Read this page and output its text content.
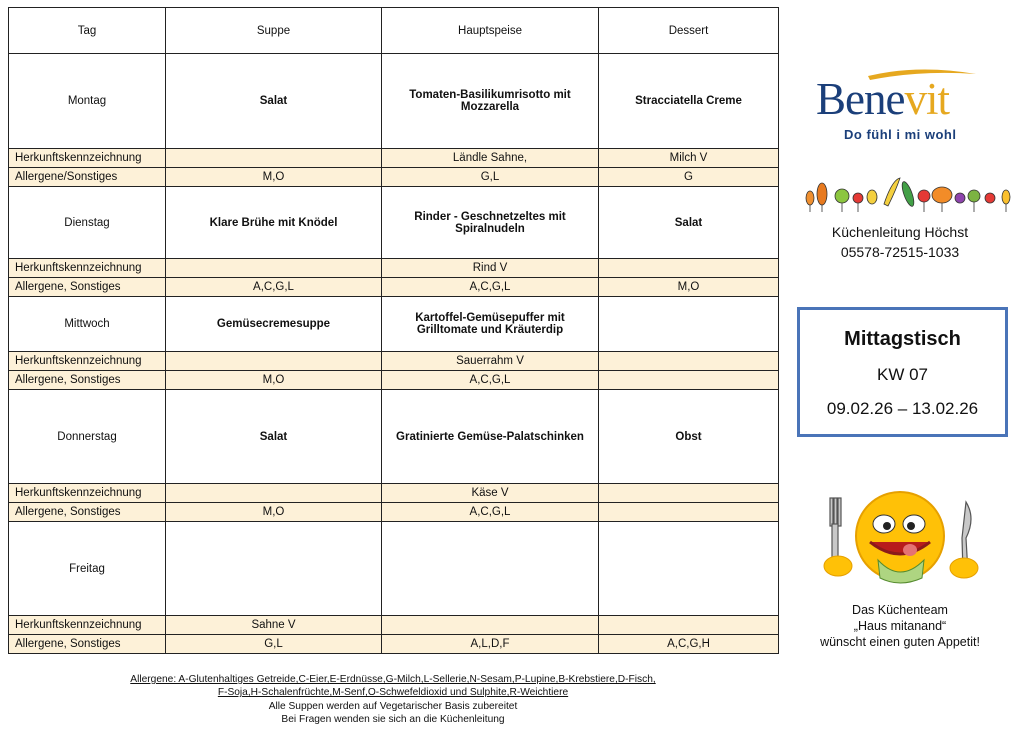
Tag	Suppe	Hauptspeise	Dessert
Montag	Salat	Tomaten-Basilikumrisotto mit Mozzarella	Stracciatella Creme
Herkunftskennzeichnung		Ländle Sahne,	Milch V
Allergene/Sonstiges	M,O	G,L	G
Dienstag	Klare Brühe mit Knödel	Rinder - Geschnetzeltes mit Spiralnudeln	Salat
Herkunftskennzeichnung		Rind V	
Allergene, Sonstiges	A,C,G,L	A,C,G,L	M,O
Mittwoch	Gemüsecremesuppe	Kartoffel-Gemüsepuffer mit Grilltomate und Kräuterdip	
Herkunftskennzeichnung		Sauerrahm V	
Allergene, Sonstiges	M,O	A,C,G,L	
Donnerstag	Salat	Gratinierte Gemüse-Palatschinken	Obst
Herkunftskennzeichnung		Käse V	
Allergene, Sonstiges	M,O	A,C,G,L	
Freitag			
Herkunftskennzeichnung	Sahne V		
Allergene, Sonstiges	G,L	A,L,D,F	A,C,G,H
Allergene: A-Glutenhaltiges Getreide,C-Eier,E-Erdnüsse,G-Milch,L-Sellerie,N-Sesam,P-Lupine,B-Krebstiere,D-Fisch,
F-Soja,H-Schalenfrüchte,M-Senf,O-Schwefeldioxid und Sulphite,R-Weichtiere
Alle Suppen werden auf Vegetarischer Basis zubereitet
Bei Fragen wenden sie sich an die Küchenleitung
Benevit
Do fühl i mi wohl
Küchenleitung Höchst
05578-72515-1033
Mittagstisch
KW 07
09.02.26 – 13.02.26
Das Küchenteam
„Haus mitanand“
wünscht einen guten Appetit!
